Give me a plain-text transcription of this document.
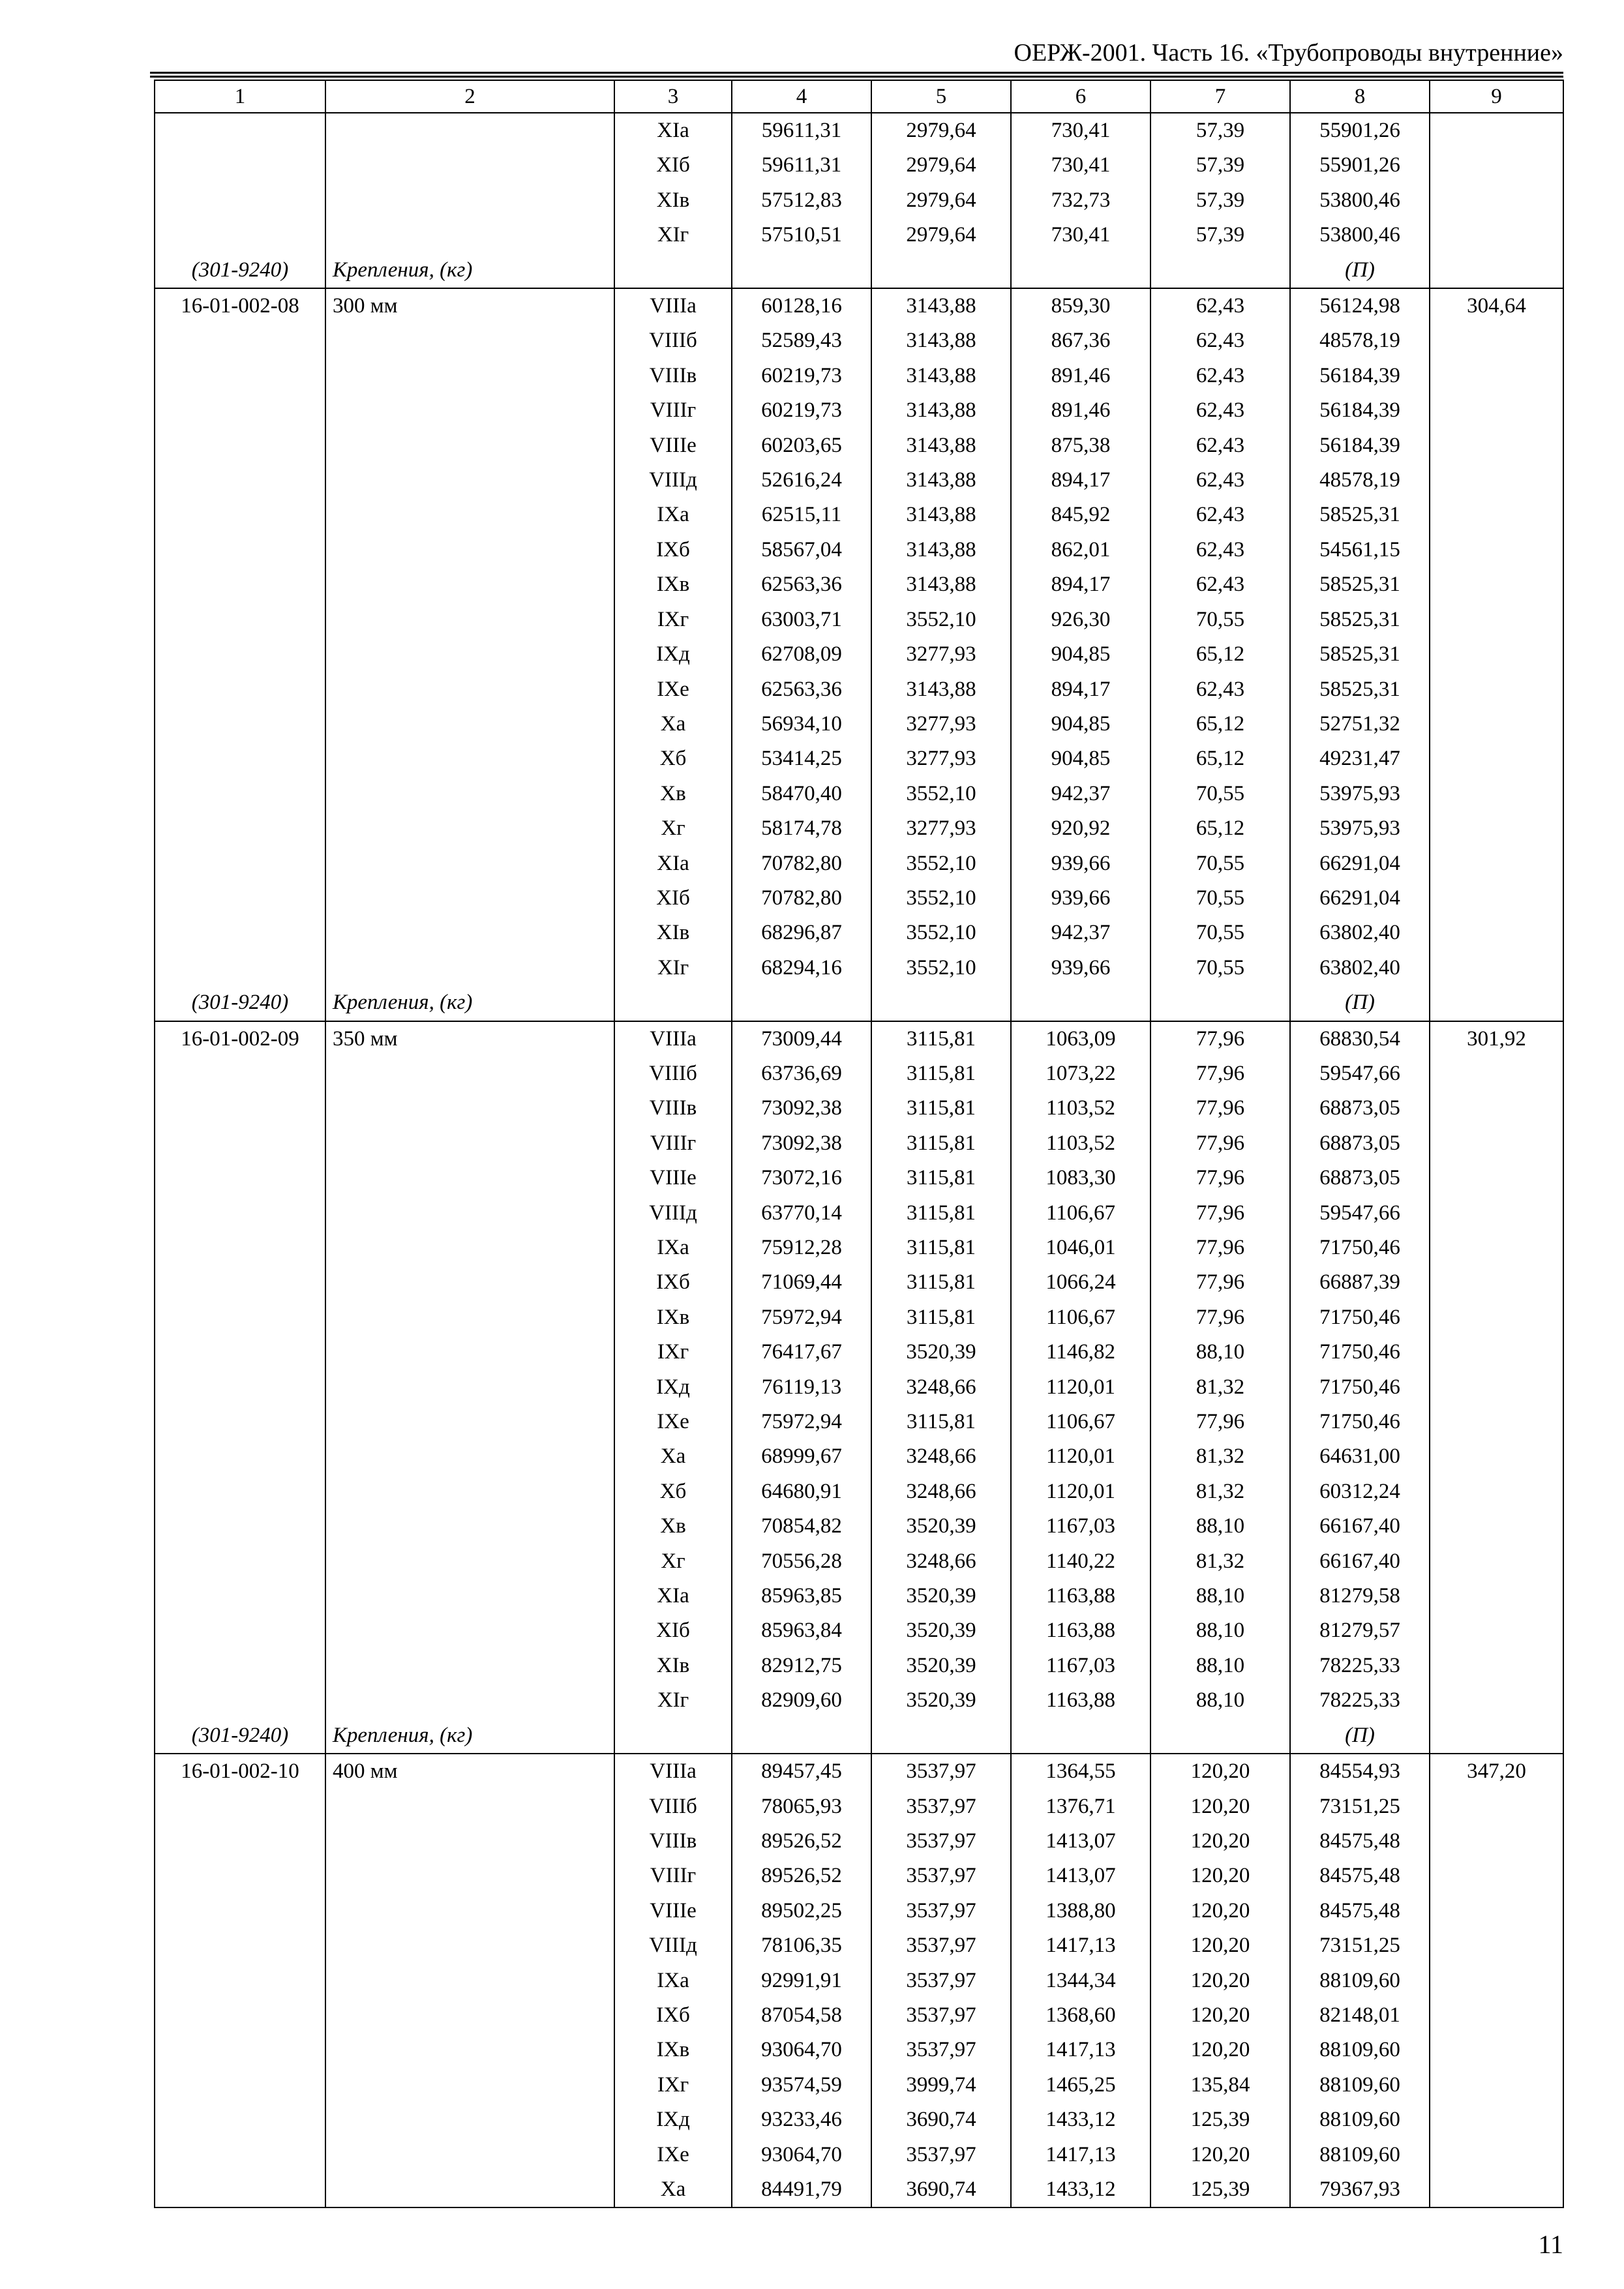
ОЕРЖ-2001. Часть 16. «Трубопроводы внутренние»
1	2	3	4	5	6	7	8	9
		XIа	59611,31	2979,64	730,41	57,39	55901,26	
		XIб	59611,31	2979,64	730,41	57,39	55901,26	
		XIв	57512,83	2979,64	732,73	57,39	53800,46	
		XIг	57510,51	2979,64	730,41	57,39	53800,46	
(301-9240)	Крепления, (кг)						(П)	
16-01-002-08	300 мм	VIIIа	60128,16	3143,88	859,30	62,43	56124,98	304,64
		VIIIб	52589,43	3143,88	867,36	62,43	48578,19	
		VIIIв	60219,73	3143,88	891,46	62,43	56184,39	
		VIIIг	60219,73	3143,88	891,46	62,43	56184,39	
		VIIIе	60203,65	3143,88	875,38	62,43	56184,39	
		VIIIд	52616,24	3143,88	894,17	62,43	48578,19	
		IXа	62515,11	3143,88	845,92	62,43	58525,31	
		IXб	58567,04	3143,88	862,01	62,43	54561,15	
		IXв	62563,36	3143,88	894,17	62,43	58525,31	
		IXг	63003,71	3552,10	926,30	70,55	58525,31	
		IXд	62708,09	3277,93	904,85	65,12	58525,31	
		IXе	62563,36	3143,88	894,17	62,43	58525,31	
		Xа	56934,10	3277,93	904,85	65,12	52751,32	
		Xб	53414,25	3277,93	904,85	65,12	49231,47	
		Xв	58470,40	3552,10	942,37	70,55	53975,93	
		Xг	58174,78	3277,93	920,92	65,12	53975,93	
		XIа	70782,80	3552,10	939,66	70,55	66291,04	
		XIб	70782,80	3552,10	939,66	70,55	66291,04	
		XIв	68296,87	3552,10	942,37	70,55	63802,40	
		XIг	68294,16	3552,10	939,66	70,55	63802,40	
(301-9240)	Крепления, (кг)						(П)	
16-01-002-09	350 мм	VIIIа	73009,44	3115,81	1063,09	77,96	68830,54	301,92
		VIIIб	63736,69	3115,81	1073,22	77,96	59547,66	
		VIIIв	73092,38	3115,81	1103,52	77,96	68873,05	
		VIIIг	73092,38	3115,81	1103,52	77,96	68873,05	
		VIIIе	73072,16	3115,81	1083,30	77,96	68873,05	
		VIIIд	63770,14	3115,81	1106,67	77,96	59547,66	
		IXа	75912,28	3115,81	1046,01	77,96	71750,46	
		IXб	71069,44	3115,81	1066,24	77,96	66887,39	
		IXв	75972,94	3115,81	1106,67	77,96	71750,46	
		IXг	76417,67	3520,39	1146,82	88,10	71750,46	
		IXд	76119,13	3248,66	1120,01	81,32	71750,46	
		IXе	75972,94	3115,81	1106,67	77,96	71750,46	
		Xа	68999,67	3248,66	1120,01	81,32	64631,00	
		Xб	64680,91	3248,66	1120,01	81,32	60312,24	
		Xв	70854,82	3520,39	1167,03	88,10	66167,40	
		Xг	70556,28	3248,66	1140,22	81,32	66167,40	
		XIа	85963,85	3520,39	1163,88	88,10	81279,58	
		XIб	85963,84	3520,39	1163,88	88,10	81279,57	
		XIв	82912,75	3520,39	1167,03	88,10	78225,33	
		XIг	82909,60	3520,39	1163,88	88,10	78225,33	
(301-9240)	Крепления, (кг)						(П)	
16-01-002-10	400 мм	VIIIа	89457,45	3537,97	1364,55	120,20	84554,93	347,20
		VIIIб	78065,93	3537,97	1376,71	120,20	73151,25	
		VIIIв	89526,52	3537,97	1413,07	120,20	84575,48	
		VIIIг	89526,52	3537,97	1413,07	120,20	84575,48	
		VIIIе	89502,25	3537,97	1388,80	120,20	84575,48	
		VIIIд	78106,35	3537,97	1417,13	120,20	73151,25	
		IXа	92991,91	3537,97	1344,34	120,20	88109,60	
		IXб	87054,58	3537,97	1368,60	120,20	82148,01	
		IXв	93064,70	3537,97	1417,13	120,20	88109,60	
		IXг	93574,59	3999,74	1465,25	135,84	88109,60	
		IXд	93233,46	3690,74	1433,12	125,39	88109,60	
		IXе	93064,70	3537,97	1417,13	120,20	88109,60	
		Xа	84491,79	3690,74	1433,12	125,39	79367,93	
11
